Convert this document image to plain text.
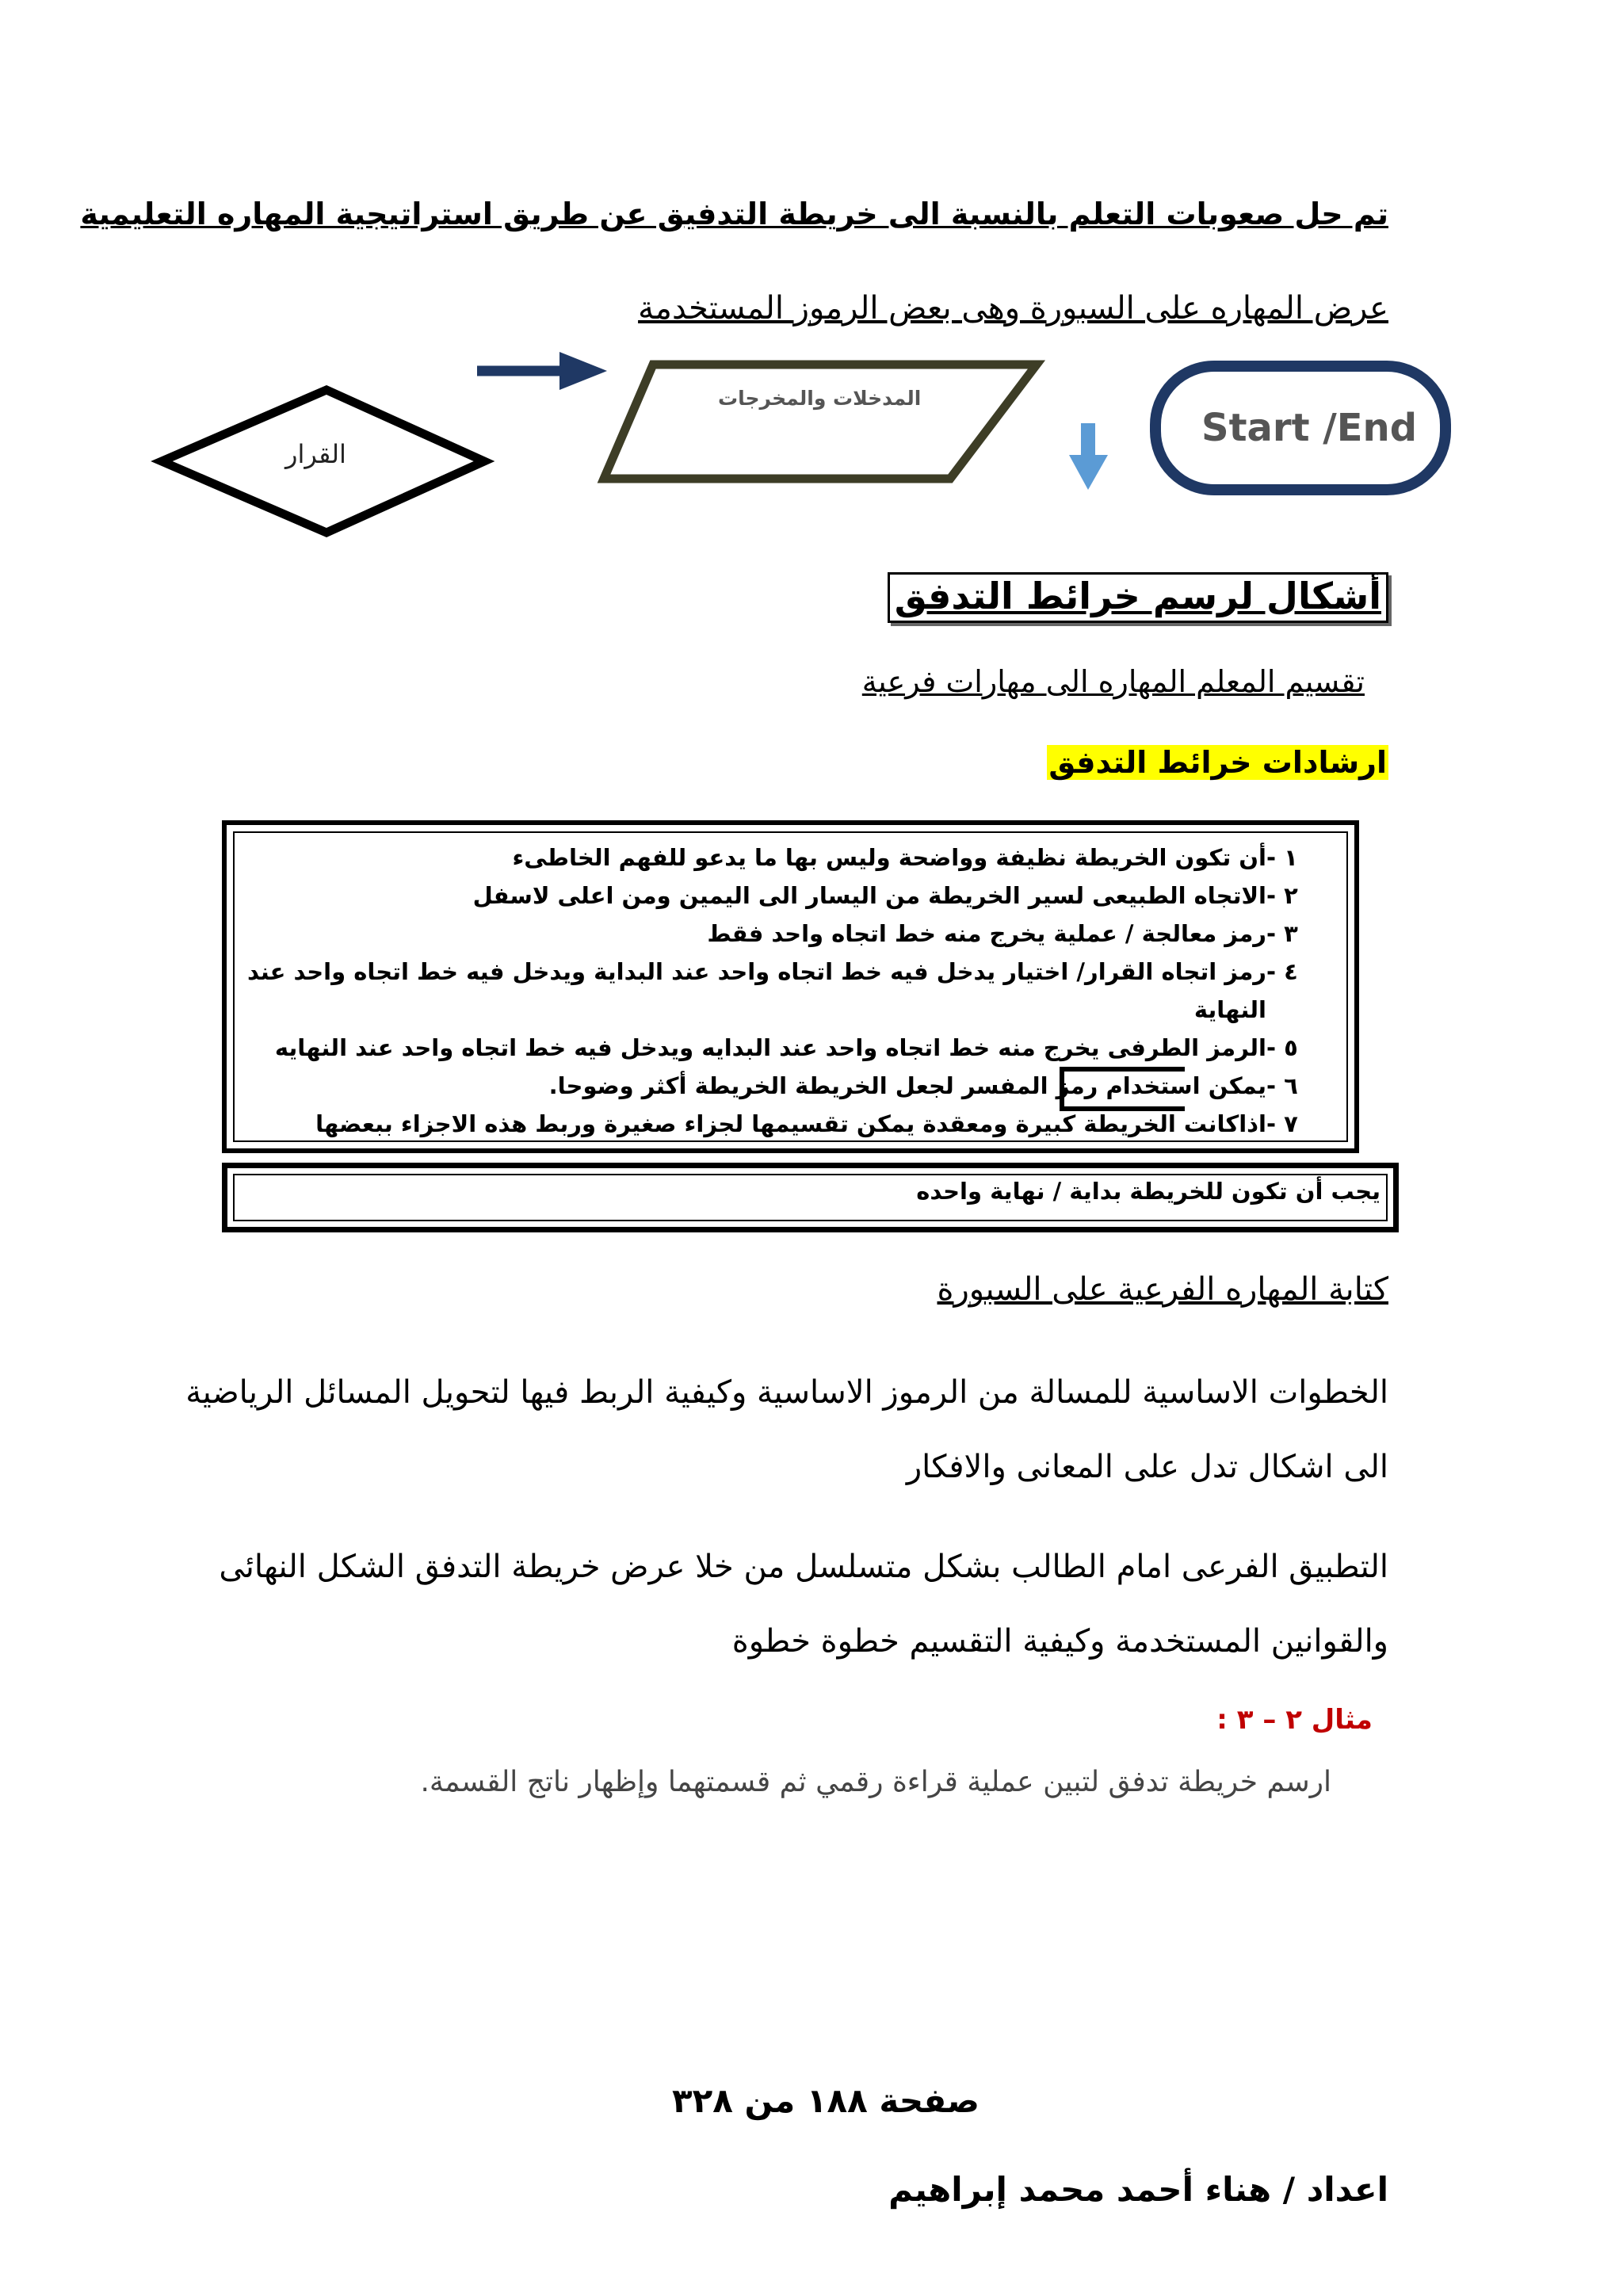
تم حل صعوبات التعلم بالنسبة الى خريطة التدفيق عن طريق استراتيجية المهاره التعليمية
عرض المهاره على السبورة وهى بعض الرموز المستخدمة
القرار
المدخلات والمخرجات
Start /End
أشكال لرسم خرائط التدفق
تقسيم المعلم المهاره الى مهارات فرعية
ارشادات خرائط التدفق
١ -أن تكون الخريطة نظيفة وواضحة وليس بها ما يدعو للفهم الخاطىء
٢ -الاتجاه الطبيعى لسير الخريطة من اليسار الى اليمين ومن اعلى لاسفل
٣ -رمز معالجة / عملية يخرج منه خط اتجاه واحد فقط
٤ -رمز اتجاه القرار/ اختيار يدخل فيه خط اتجاه واحد عند البداية ويدخل فيه خط اتجاه واحد عند
النهاية
٥ -الرمز الطرفى يخرج منه خط اتجاه واحد عند البدايه ويدخل فيه خط اتجاه واحد عند النهايه
٦ -يمكن استخدام رمز المفسر لجعل الخريطة الخريطة أكثر وضوحا.
٧ -اذاكانت الخريطة كبيرة ومعقدة يمكن تقسيمها لجزاء صغيرة وربط هذه الاجزاء ببعضها
يجب أن تكون للخريطة بداية / نهاية واحده
كتابة المهاره الفرعية على السبورة
الخطوات الاساسية للمسالة من الرموز الاساسية وكيفية الربط فيها لتحويل المسائل الرياضية
الى اشكال تدل على المعانى والافكار
التطبيق الفرعى امام الطالب بشكل متسلسل من خلا عرض خريطة التدفق الشكل النهائى
والقوانين المستخدمة وكيفية التقسيم خطوة خطوة
مثال ٢ – ٣ :
ارسم خريطة تدفق لتبين عملية قراءة رقمي ثم قسمتهما وإظهار ناتج القسمة.
صفحة ١٨٨ من ٣٢٨
اعداد / هناء أحمد محمد إبراهيم
